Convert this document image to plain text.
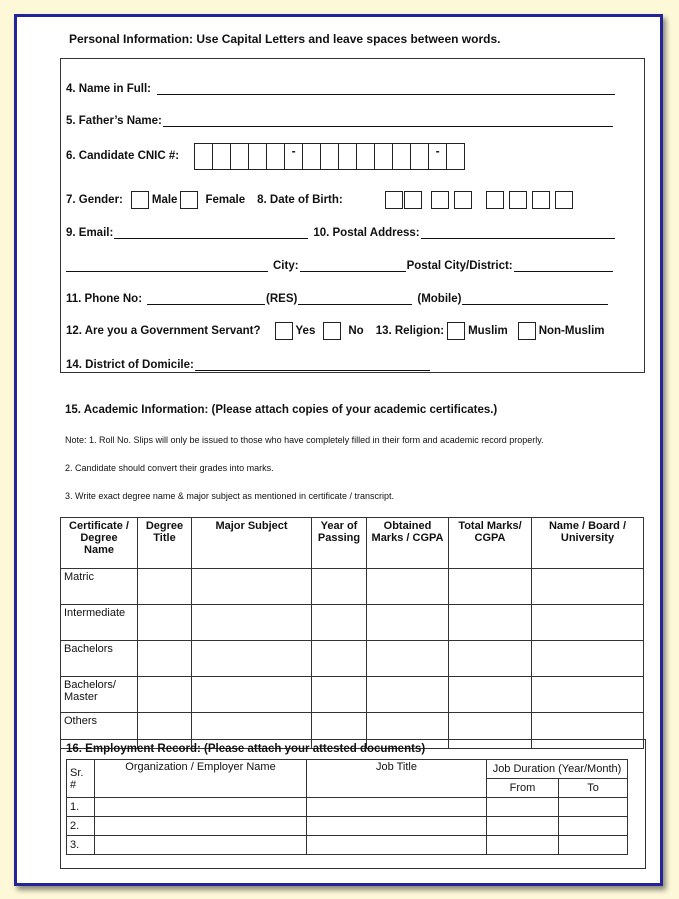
Personal Information: Use Capital Letters and leave spaces between words.
4. Name in Full:
5. Father’s Name:
6. Candidate CNIC #:	-	-
7. Gender:	Male Female 8. Date of Birth:
9. Email:	10. Postal Address:
City:	Postal City/District:
11. Phone No:	(RES)	(Mobile)
12. Are you a Government Servant?	Yes	No 13. Religion: Muslim	Non-Muslim
14. District of Domicile:
15. Academic Information: (Please attach copies of your academic certificates.)
Note: 1. Roll No. Slips will only be issued to those who have completely filled in their form and academic record properly.
2. Candidate should convert their grades into marks.
3. Write exact degree name & major subject as mentioned in certificate / transcript.
Certificate / Degree Name	Degree Title	Major Subject	Year of Passing	Obtained Marks / CGPA	Total Marks/ CGPA	Name / Board / University
Matric						
Intermediate						
Bachelors						
Bachelors/ Master						
Others						
16. Employment Record: (Please attach your attested documents)
Sr. #	Organization / Employer Name	Job Title	Job Duration (Year/Month)	
			From	To
1.				
2.				
3.				
